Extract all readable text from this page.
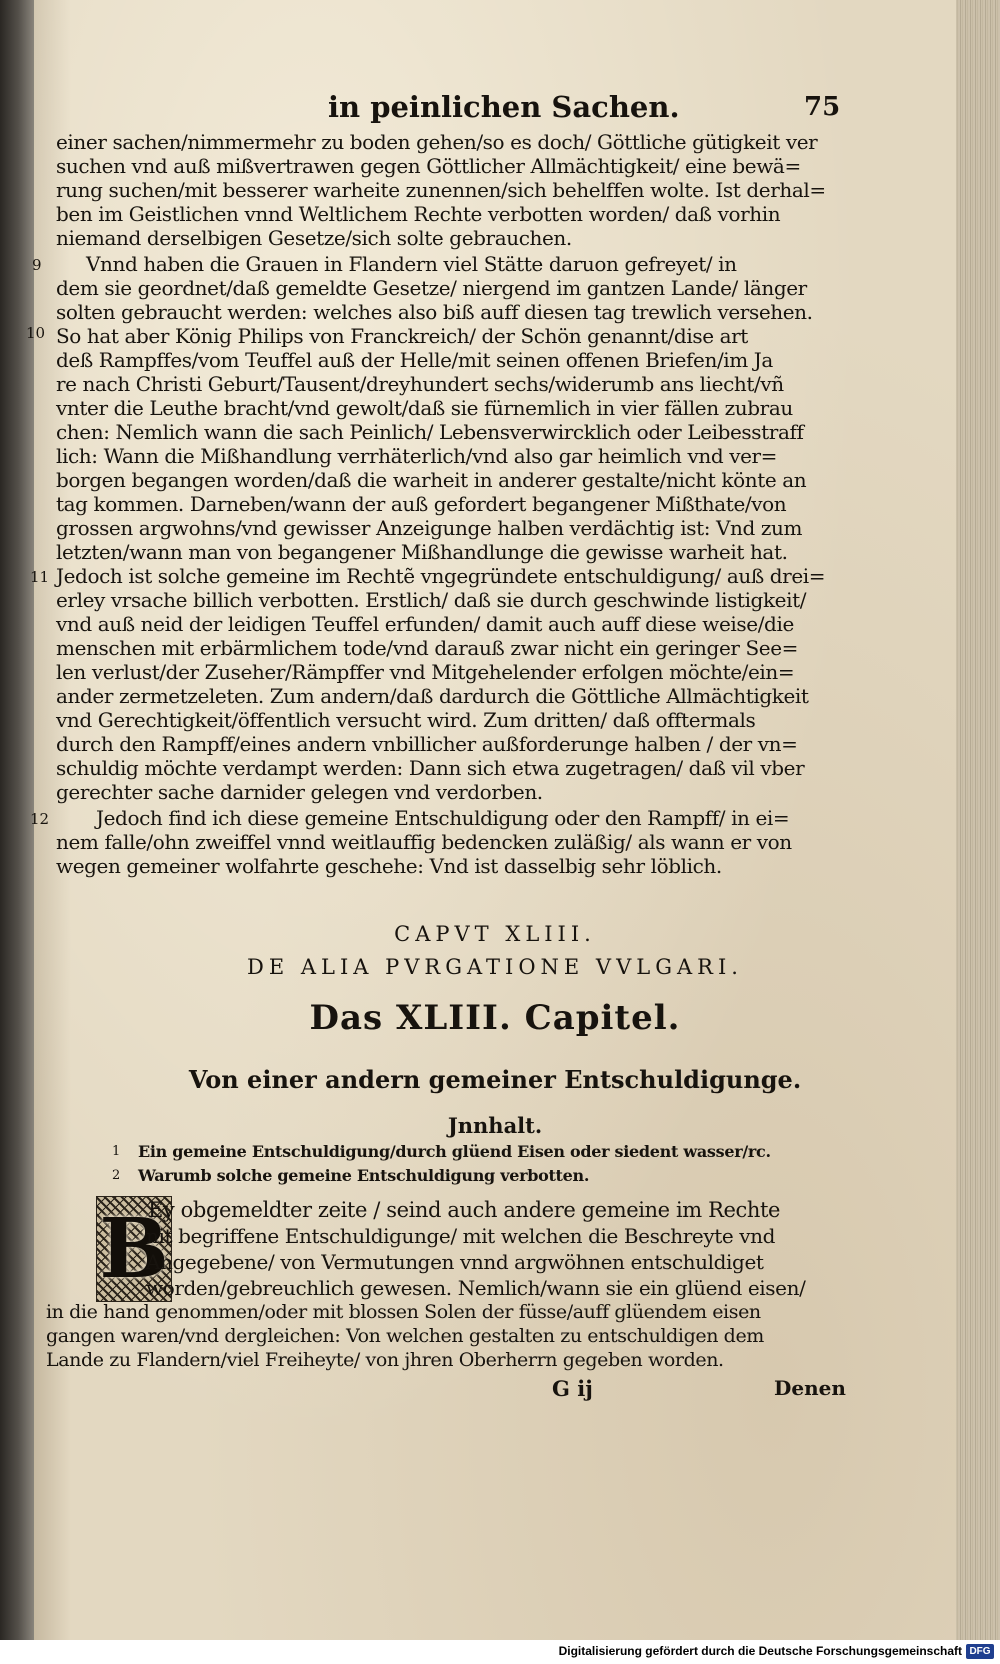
in peinlichen Sachen.	75
einer sachen/nimmermehr zu boden gehen/so es doch/ Göttliche gütigkeit ver
suchen vnd auß mißvertrawen gegen Göttlicher Allmächtigkeit/ eine bewä=
rung suchen/mit besserer warheite zunennen/sich behelffen wolte. Ist derhal=
ben im Geistlichen vnnd Weltlichem Rechte verbotten worden/ daß vorhin
niemand derselbigen Gesetze/sich solte gebrauchen.
9 Vnnd haben die Grauen in Flandern viel Stätte daruon gefreyet/ in
dem sie geordnet/daß gemeldte Gesetze/ niergend im gantzen Lande/ länger
solten gebraucht werden: welches also biß auff diesen tag trewlich versehen.
10 So hat aber König Philips von Franckreich/ der Schön genannt/dise art
deß Rampffes/vom Teuffel auß der Helle/mit seinen offenen Briefen/im Ja
re nach Christi Geburt/Tausent/dreyhundert sechs/widerumb ans liecht/vñ
vnter die Leuthe bracht/vnd gewolt/daß sie fürnemlich in vier fällen zubrau
chen: Nemlich wann die sach Peinlich/ Lebensverwircklich oder Leibesstraff
lich: Wann die Mißhandlung verrhäterlich/vnd also gar heimlich vnd ver=
borgen begangen worden/daß die warheit in anderer gestalte/nicht könte an
tag kommen. Darneben/wann der auß gefordert begangener Mißthate/von
grossen argwohns/vnd gewisser Anzeigunge halben verdächtig ist: Vnd zum
letzten/wann man von begangener Mißhandlunge die gewisse warheit hat.
11 Jedoch ist solche gemeine im Rechtẽ vngegründete entschuldigung/ auß drei=
erley vrsache billich verbotten. Erstlich/ daß sie durch geschwinde listigkeit/
vnd auß neid der leidigen Teuffel erfunden/ damit auch auff diese weise/die
menschen mit erbärmlichem tode/vnd darauß zwar nicht ein geringer See=
len verlust/der Zuseher/Rämpffer vnd Mitgehelender erfolgen möchte/ein=
ander zermetzeleten. Zum andern/daß dardurch die Göttliche Allmächtigkeit
vnd Gerechtigkeit/öffentlich versucht wird. Zum dritten/ daß offtermals
durch den Rampff/eines andern vnbillicher außforderunge halben / der vn=
schuldig möchte verdampt werden: Dann sich etwa zugetragen/ daß vil vber
gerechter sache darnider gelegen vnd verdorben.
12 Jedoch find ich diese gemeine Entschuldigung oder den Rampff/ in ei=
nem falle/ohn zweiffel vnnd weitlauffig bedencken zuläßig/ als wann er von
wegen gemeiner wolfahrte geschehe: Vnd ist dasselbig sehr löblich.
CAPVT XLIII.
DE ALIA PVRGATIONE VVLGARI.
Das XLIII. Capitel.
Von einer andern gemeiner Entschuldigunge.
Jnnhalt.
1 Ein gemeine Entschuldigung/durch glüend Eisen oder siedent wasser/rc.
2 Warumb solche gemeine Entschuldigung verbotten.
B
Ey obgemeldter zeite / seind auch andere gemeine im Rechte
nit begriffene Entschuldigunge/ mit welchen die Beschreyte vnd
Angegebene/ von Vermutungen vnnd argwöhnen entschuldiget
worden/gebreuchlich gewesen. Nemlich/wann sie ein glüend eisen/
in die hand genommen/oder mit blossen Solen der füsse/auff glüendem eisen
gangen waren/vnd dergleichen: Von welchen gestalten zu entschuldigen dem
Lande zu Flandern/viel Freiheyte/ von jhren Oberherrn gegeben worden.
G ij	Denen
Digitalisierung gefördert durch die Deutsche Forschungsgemeinschaft DFG
